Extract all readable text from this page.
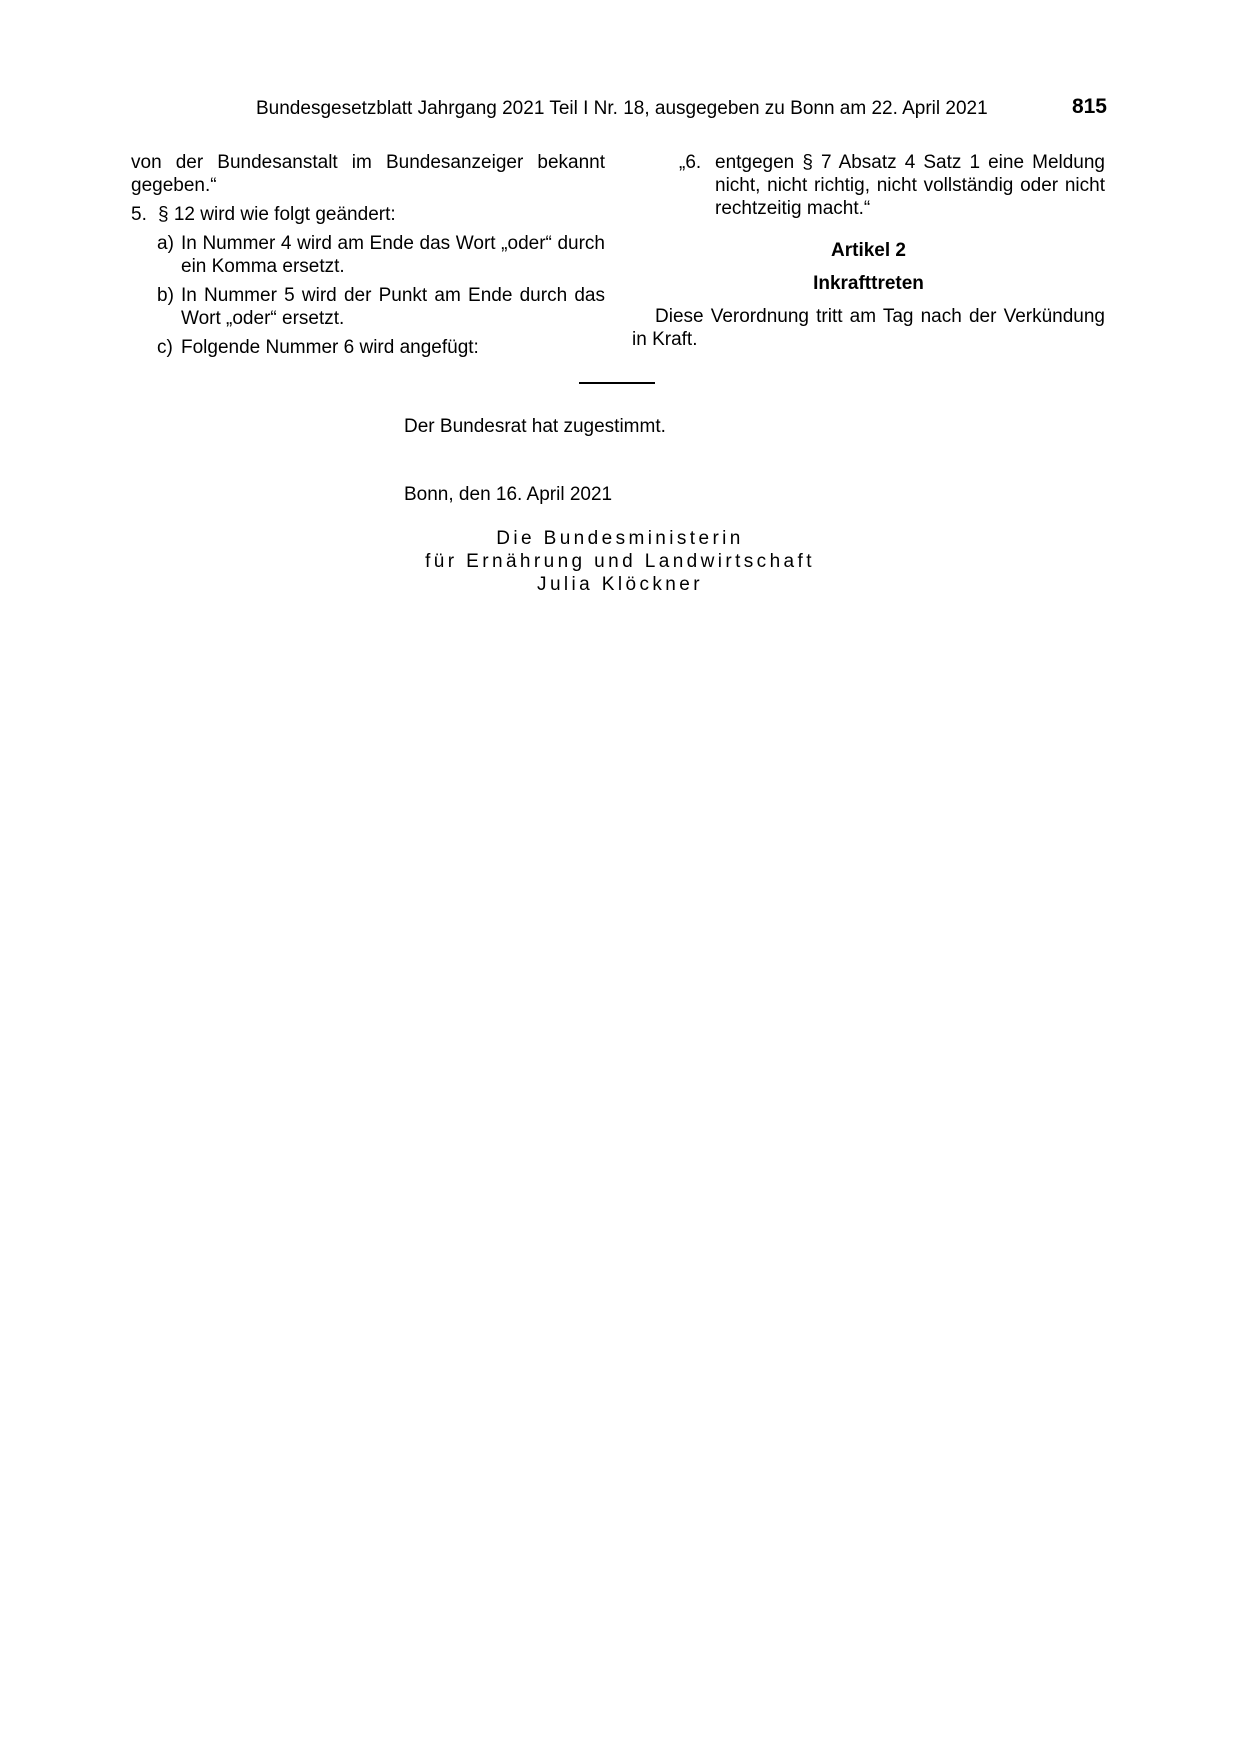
Bundesgesetzblatt Jahrgang 2021 Teil I Nr. 18, ausgegeben zu Bonn am 22. April 2021	815

von der Bundesanstalt im Bundesanzeiger bekannt gegeben.“

5. § 12 wird wie folgt geändert:
a) In Nummer 4 wird am Ende das Wort „oder“ durch ein Komma ersetzt.
b) In Nummer 5 wird der Punkt am Ende durch das Wort „oder“ ersetzt.
c) Folgende Nummer 6 wird angefügt:
„6. entgegen § 7 Absatz 4 Satz 1 eine Meldung nicht, nicht richtig, nicht vollständig oder nicht rechtzeitig macht.“

Artikel 2

Inkrafttreten

Diese Verordnung tritt am Tag nach der Verkündung in Kraft.

Der Bundesrat hat zugestimmt.
Bonn, den 16. April 2021
Die Bundesministerin
für Ernährung und Landwirtschaft
Julia Klöckner
